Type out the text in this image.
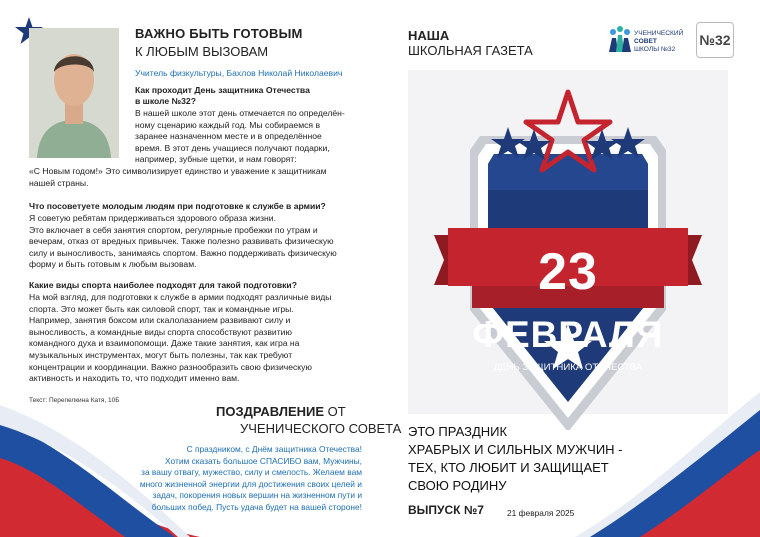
ВАЖНО БЫТЬ ГОТОВЫМ
К ЛЮБЫМ ВЫЗОВАМ
Учитель физкультуры, Бахлов Николай Николаевич
Как проходит День защитника Отечества
в школе №32?
В нашей школе этот день отмечается по определён-
ному сценарию каждый год. Мы собираемся в
заранее назначенном месте и в определённое
время. В этот день учащиеся получают подарки,
например, зубные щетки, и нам говорят:
«С Новым годом!» Это символизирует единство и уважение к защитникам
нашей страны.
Что посоветуете молодым людям при подготовке к службе в армии?
Я советую ребятам придерживаться здорового образа жизни.
Это включает в себя занятия спортом, регулярные пробежки по утрам и
вечерам, отказ от вредных привычек. Также полезно развивать физическую
силу и выносливость, занимаясь спортом. Важно поддерживать физическую
форму и быть готовым к любым вызовам.
Какие виды спорта наиболее подходят для такой подготовки?
На мой взгляд, для подготовки к службе в армии подходят различные виды
спорта. Это может быть как силовой спорт, так и командные игры.
Например, занятия боксом или скалолазанием развивают силу и
выносливость, а командные виды спорта способствуют развитию
командного духа и взаимопомощи. Даже такие занятия, как игра на
музыкальных инструментах, могут быть полезны, так как требуют
концентрации и координации. Важно разнообразить свою физическую
активность и находить то, что подходит именно вам.
Текст: Перепелкина Катя, 10Б
ПОЗДРАВЛЕНИЕ ОТ
УЧЕНИЧЕСКОГО СОВЕТА
С праздником, с Днём защитника Отечества!
Хотим сказать большое СПАСИБО вам, Мужчины,
за вашу отвагу, мужество, силу и смелость. Желаем вам
много жизненной энергии для достижения своих целей и
задач, покорения новых вершин на жизненном пути и
больших побед. Пусть удача будет на вашей стороне!
НАША
ШКОЛЬНАЯ ГАЗЕТА
УЧЕНИЧЕСКИЙ
СОВЕТ
ШКОЛЫ №32
№32
23
ФЕВРАЛЯ
ДЕНЬ ЗАЩИТНИКА ОТЕЧЕСТВА
ЭТО ПРАЗДНИК
ХРАБРЫХ И СИЛЬНЫХ МУЖЧИН -
ТЕХ, КТО ЛЮБИТ И ЗАЩИЩАЕТ
СВОЮ РОДИНУ
ВЫПУСК №7	21 февраля 2025
